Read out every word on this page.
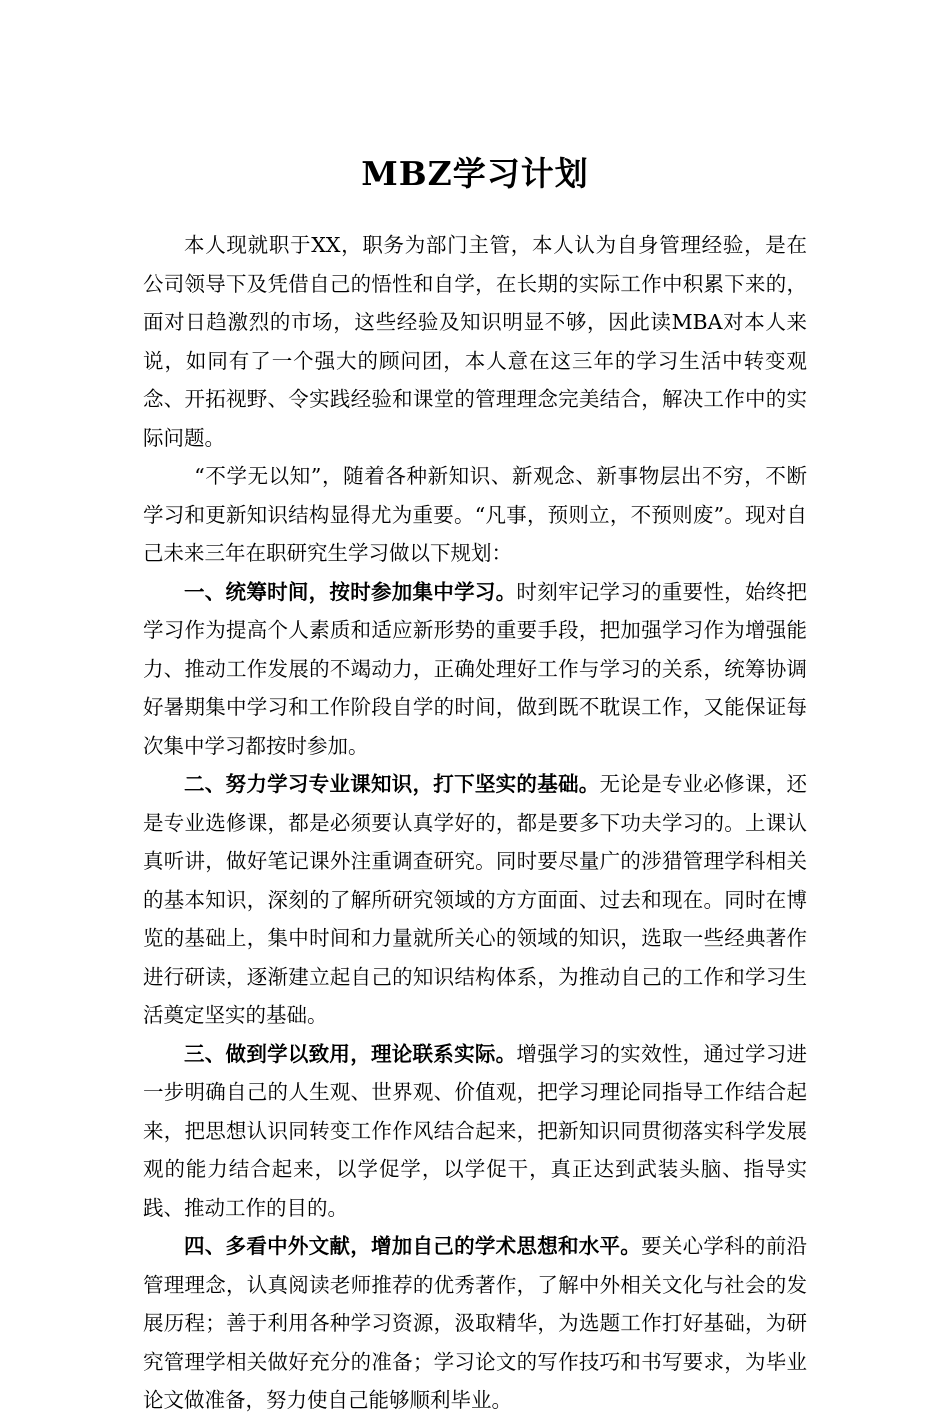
MBZ学习计划

本人现就职于XX，职务为部门主管，本人认为自身管理经验，是在公司领导下及凭借自己的悟性和自学，在长期的实际工作中积累下来的，面对日趋激烈的市场，这些经验及知识明显不够，因此读MBA对本人来说，如同有了一个强大的顾问团，本人意在这三年的学习生活中转变观念、开拓视野、令实践经验和课堂的管理理念完美结合，解决工作中的实际问题。

“不学无以知”，随着各种新知识、新观念、新事物层出不穷，不断学习和更新知识结构显得尤为重要。“凡事，预则立，不预则废”。现对自己未来三年在职研究生学习做以下规划：

一、统筹时间，按时参加集中学习。时刻牢记学习的重要性，始终把学习作为提高个人素质和适应新形势的重要手段，把加强学习作为增强能力、推动工作发展的不竭动力，正确处理好工作与学习的关系，统筹协调好暑期集中学习和工作阶段自学的时间，做到既不耽误工作，又能保证每次集中学习都按时参加。

二、努力学习专业课知识，打下坚实的基础。无论是专业必修课，还是专业选修课，都是必须要认真学好的，都是要多下功夫学习的。上课认真听讲，做好笔记课外注重调查研究。同时要尽量广的涉猎管理学科相关的基本知识，深刻的了解所研究领域的方方面面、过去和现在。同时在博览的基础上，集中时间和力量就所关心的领域的知识，选取一些经典著作进行研读，逐渐建立起自己的知识结构体系，为推动自己的工作和学习生活奠定坚实的基础。

三、做到学以致用，理论联系实际。增强学习的实效性，通过学习进一步明确自己的人生观、世界观、价值观，把学习理论同指导工作结合起来，把思想认识同转变工作作风结合起来，把新知识同贯彻落实科学发展观的能力结合起来，以学促学，以学促干，真正达到武装头脑、指导实践、推动工作的目的。

四、多看中外文献，增加自己的学术思想和水平。要关心学科的前沿管理理念，认真阅读老师推荐的优秀著作，了解中外相关文化与社会的发展历程；善于利用各种学习资源，汲取精华，为选题工作打好基础，为研究管理学相关做好充分的准备；学习论文的写作技巧和书写要求，为毕业论文做准备，努力使自己能够顺利毕业。
